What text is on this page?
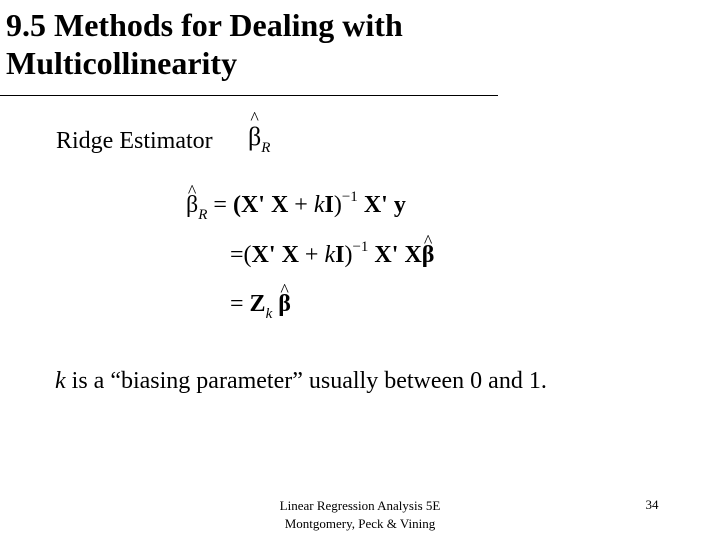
9.5 Methods for Dealing with
Multicollinearity
Ridge Estimator ^ $\beta_R$
^ $\beta_R = (X'$ X + kI)$^{-1}$ X' y
=(X' X + kI)$^{-1}$ X' X^ β
= $Z_k$ ^ β
k is a “biasing parameter” usually between 0 and 1.
Linear Regression Analysis 5E
Montgomery, Peck & Vining
34
